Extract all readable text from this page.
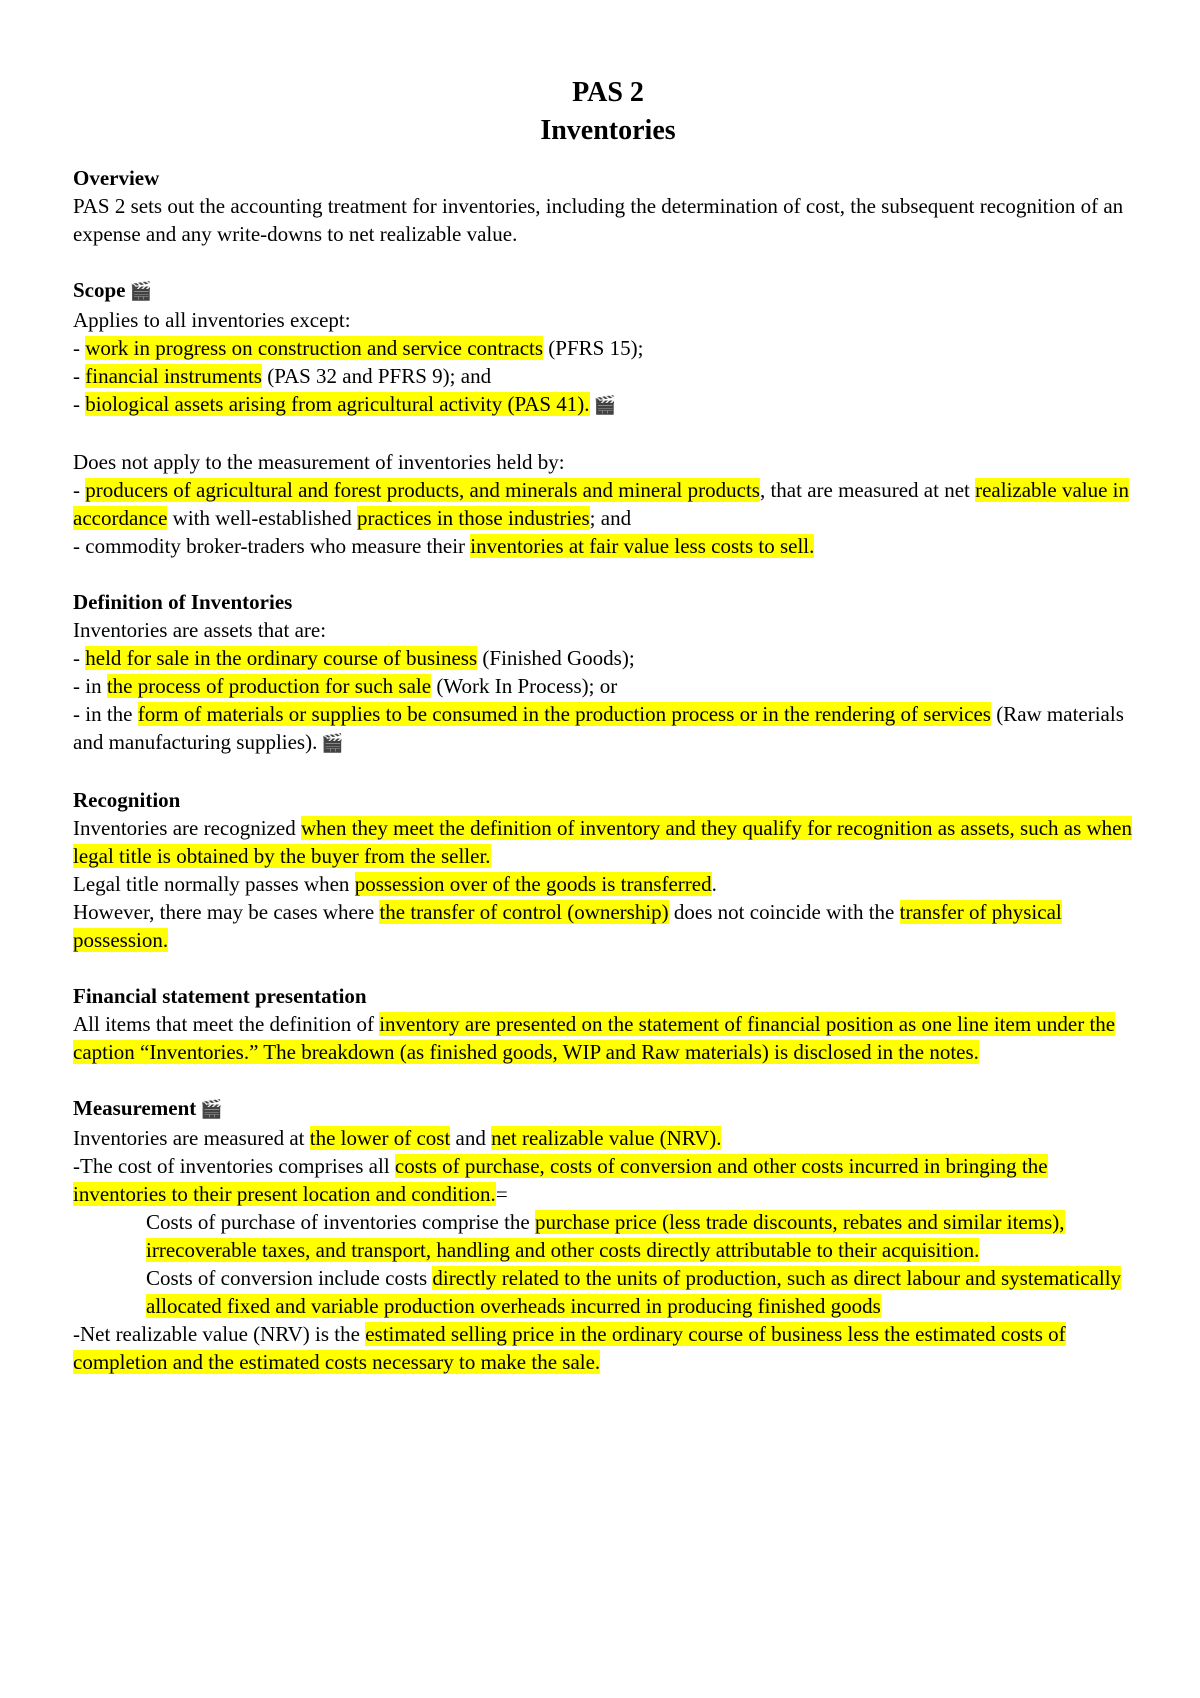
PAS 2
Inventories

Overview

PAS 2 sets out the accounting treatment for inventories, including the determination of cost, the subsequent recognition of an expense and any write-downs to net realizable value.

Scope 🎬

Applies to all inventories except:

- work in progress on construction and service contracts (PFRS 15);

- financial instruments (PAS 32 and PFRS 9); and

- biological assets arising from agricultural activity (PAS 41). 🎬

Does not apply to the measurement of inventories held by:

- producers of agricultural and forest products, and minerals and mineral products, that are measured at net realizable value in accordance with well-established practices in those industries; and

- commodity broker-traders who measure their inventories at fair value less costs to sell.

Definition of Inventories

Inventories are assets that are:

- held for sale in the ordinary course of business (Finished Goods);

- in the process of production for such sale (Work In Process); or

- in the form of materials or supplies to be consumed in the production process or in the rendering of services (Raw materials and manufacturing supplies). 🎬

Recognition

Inventories are recognized when they meet the definition of inventory and they qualify for recognition as assets, such as when legal title is obtained by the buyer from the seller.

Legal title normally passes when possession over of the goods is transferred.

However, there may be cases where the transfer of control (ownership) does not coincide with the transfer of physical possession.

Financial statement presentation

All items that meet the definition of inventory are presented on the statement of financial position as one line item under the caption “Inventories.” The breakdown (as finished goods, WIP and Raw materials) is disclosed in the notes.

Measurement 🎬

Inventories are measured at the lower of cost and net realizable value (NRV).

-The cost of inventories comprises all costs of purchase, costs of conversion and other costs incurred in bringing the inventories to their present location and condition.=

Costs of purchase of inventories comprise the purchase price (less trade discounts, rebates and similar items), irrecoverable taxes, and transport, handling and other costs directly attributable to their acquisition.

Costs of conversion include costs directly related to the units of production, such as direct labour and systematically allocated fixed and variable production overheads incurred in producing finished goods

-Net realizable value (NRV) is the estimated selling price in the ordinary course of business less the estimated costs of completion and the estimated costs necessary to make the sale.
